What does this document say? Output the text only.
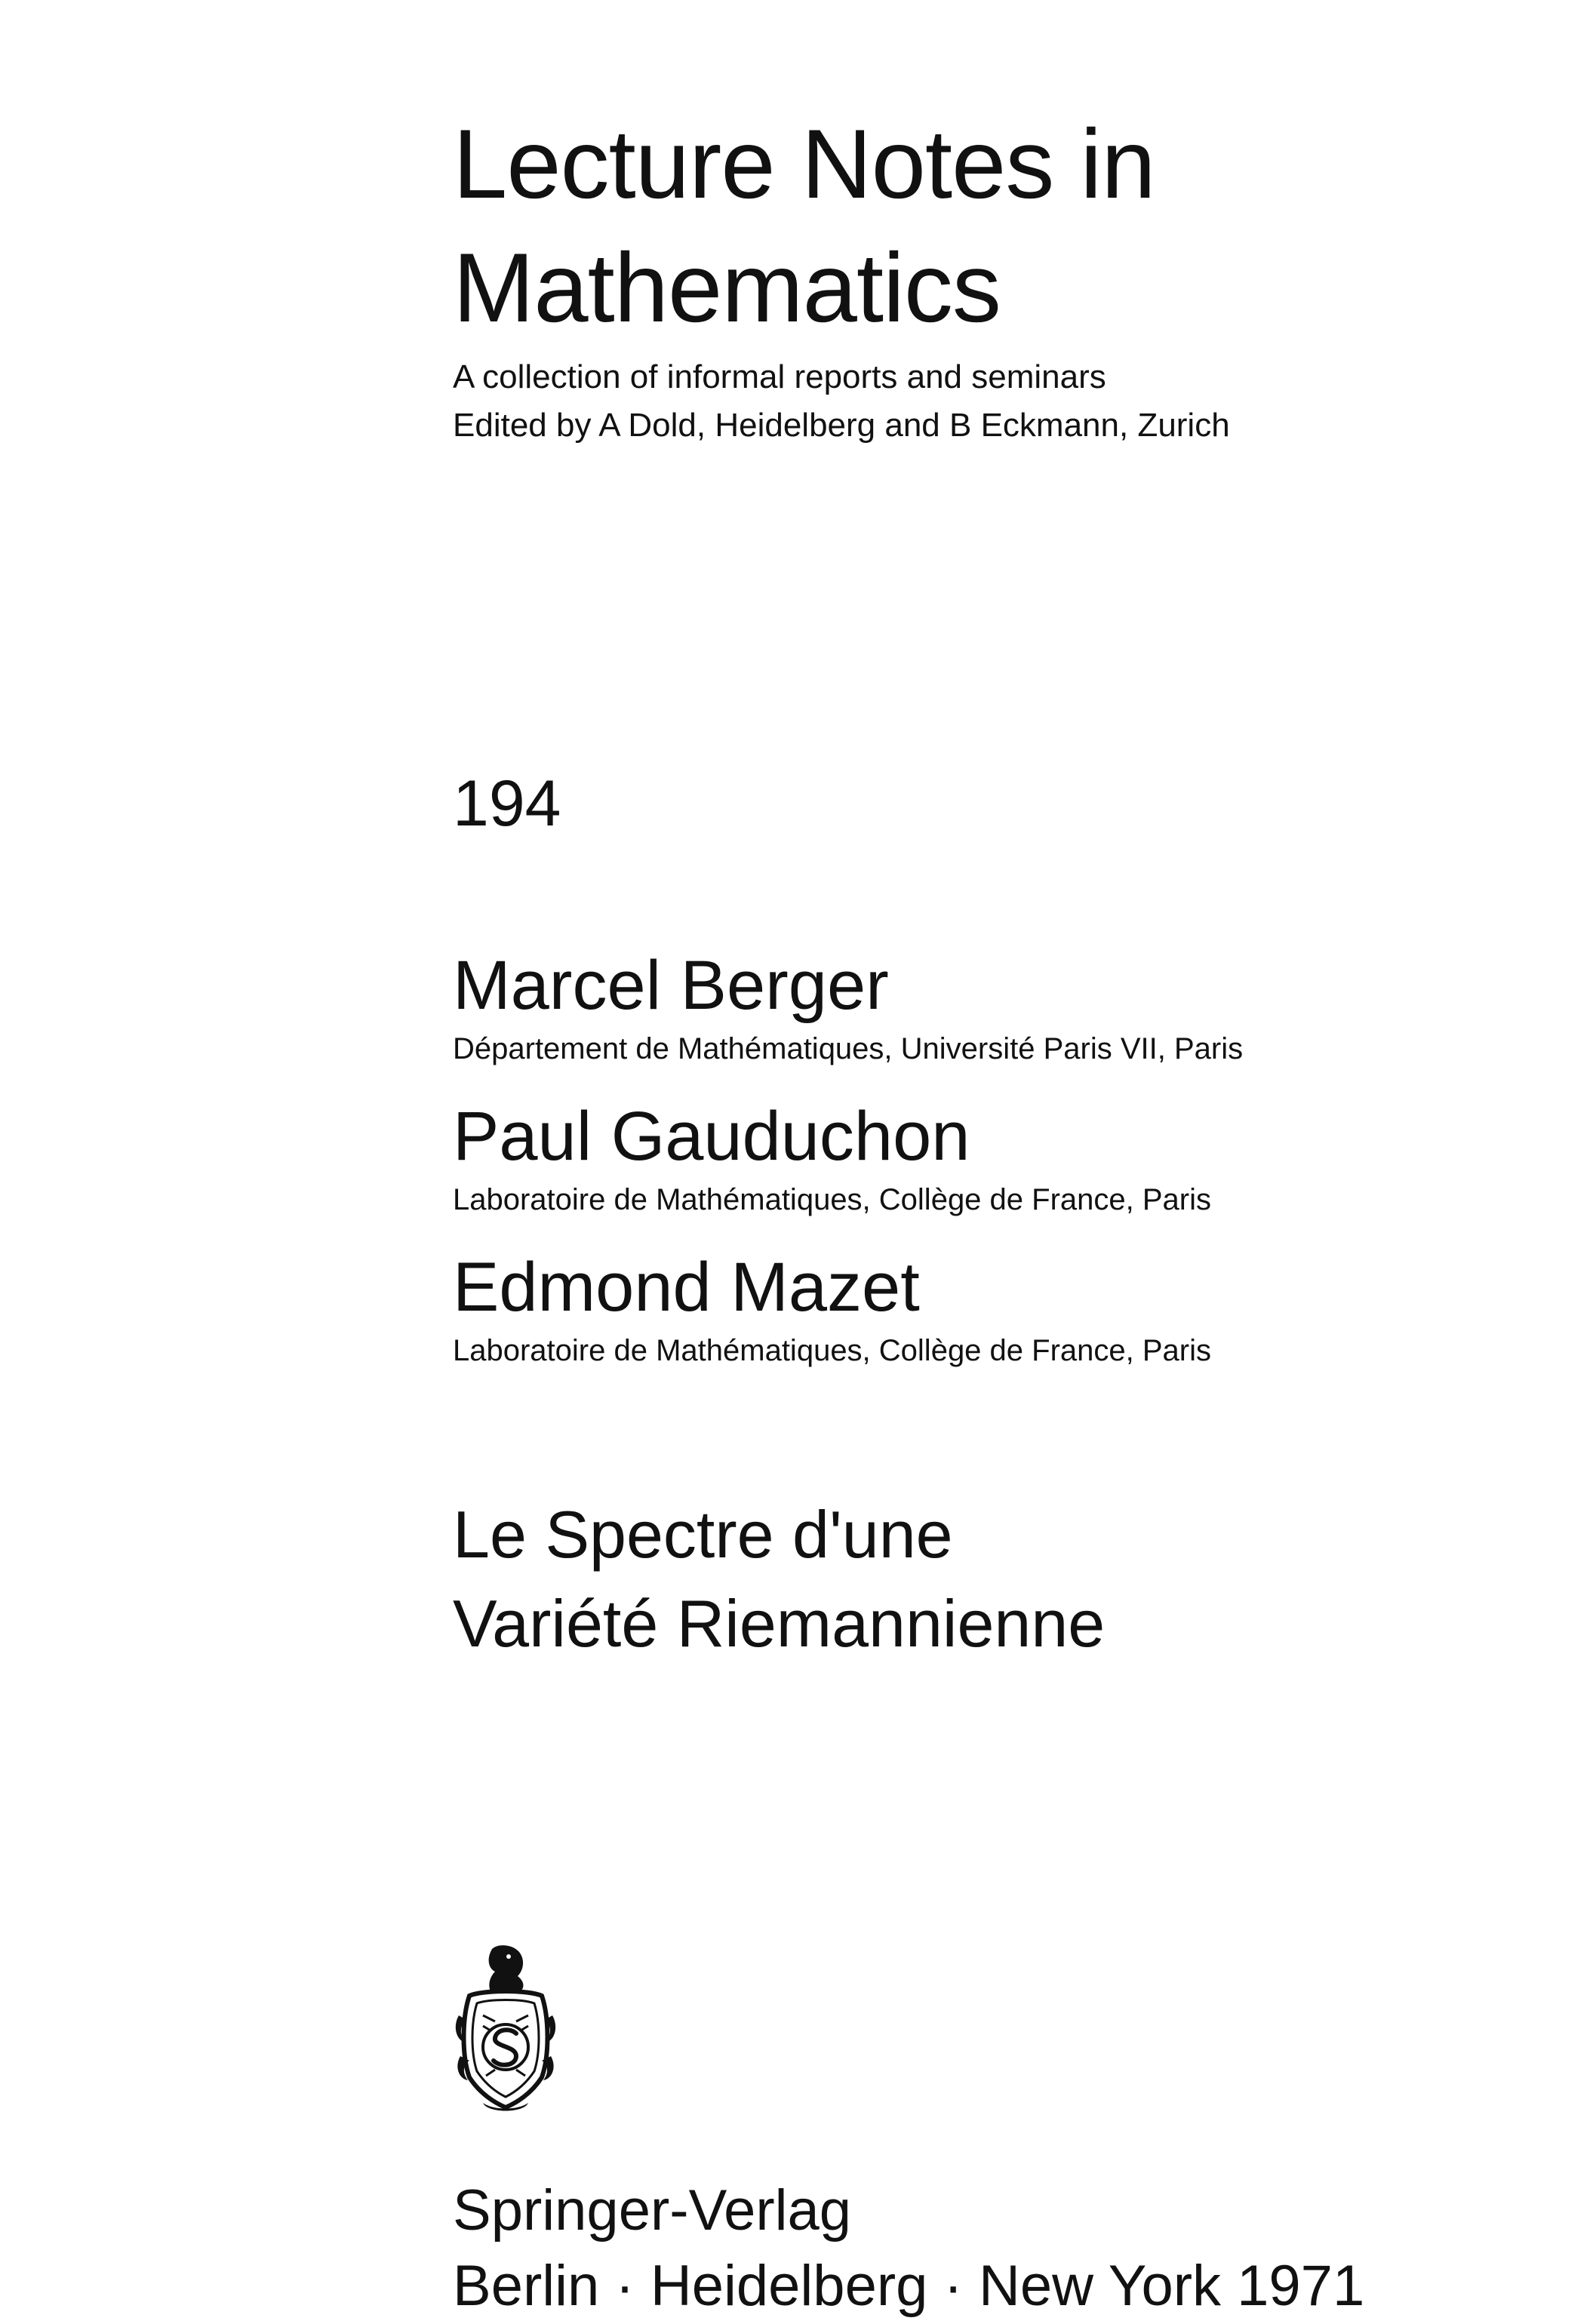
Lecture Notes in
Mathematics
A collection of informal reports and seminars
Edited by A Dold, Heidelberg and B Eckmann, Zurich
194
Marcel Berger
Département de Mathématiques, Université Paris VII, Paris
Paul Gauduchon
Laboratoire de Mathématiques, Collège de France, Paris
Edmond Mazet
Laboratoire de Mathématiques, Collège de France, Paris
Le Spectre d'une
Variété Riemannienne
Springer-Verlag
Berlin · Heidelberg · New York 1971
